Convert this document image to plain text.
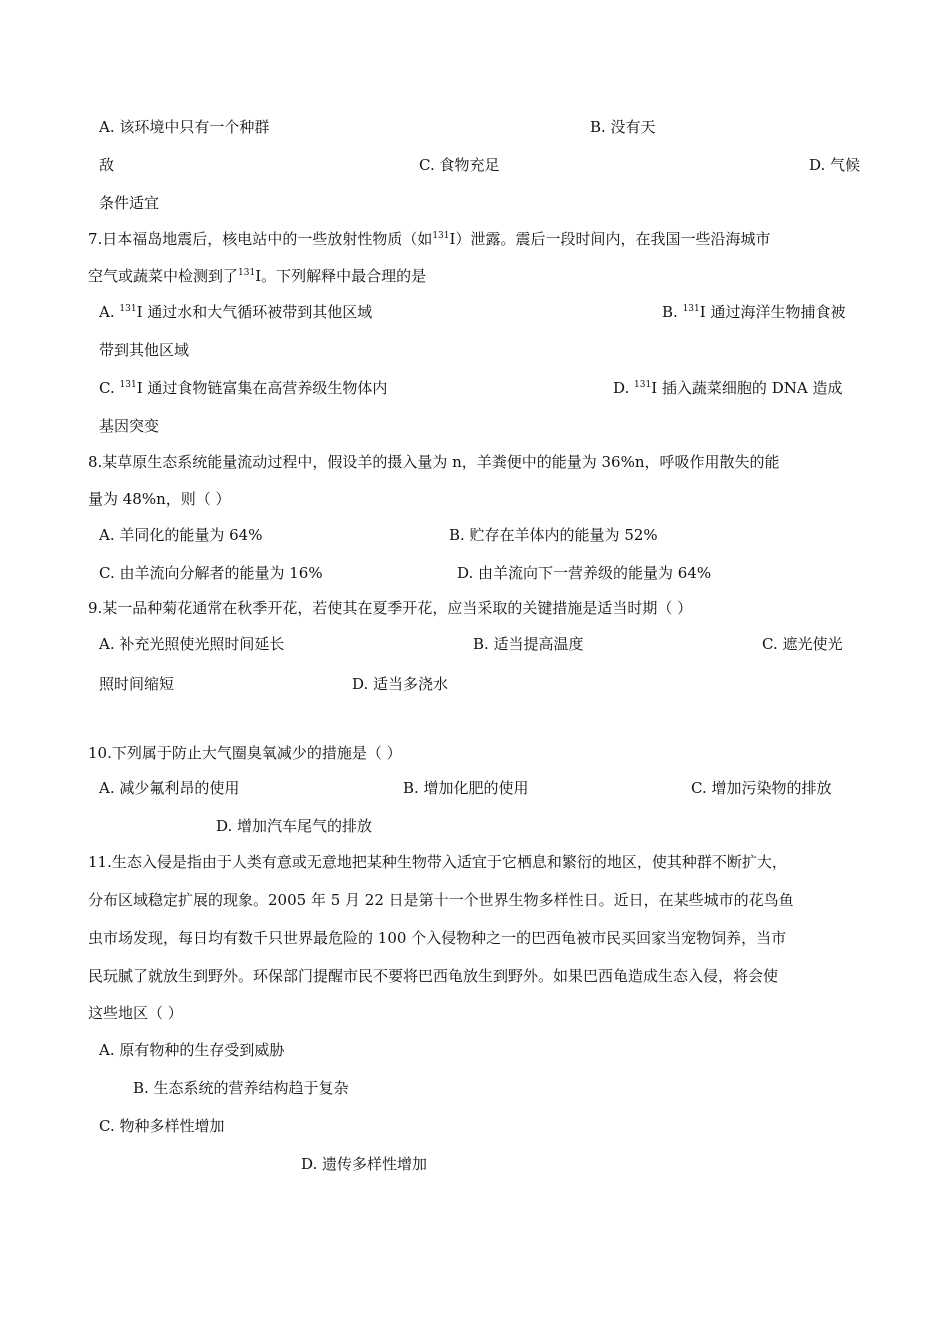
A. 该环境中只有一个种群	B. 没有天
敌	C. 食物充足	D. 气候
条件适宜
7.日本福岛地震后，核电站中的一些放射性物质（如$^{131}$I）泄露。震后一段时间内，在我国一些沿海城市
空气或蔬菜中检测到了$^{131}$I。下列解释中最合理的是
A. $^{131}$I 通过水和大气循环被带到其他区域	B. $^{131}$I 通过海洋生物捕食被
带到其他区域
C. $^{131}$I 通过食物链富集在高营养级生物体内	D. $^{131}$I 插入蔬菜细胞的 DNA 造成
基因突变
8.某草原生态系统能量流动过程中，假设羊的摄入量为 n，羊粪便中的能量为 36%n，呼吸作用散失的能
量为 48%n，则（ ）
A. 羊同化的能量为 64%	B. 贮存在羊体内的能量为 52%
C. 由羊流向分解者的能量为 16%	D. 由羊流向下一营养级的能量为 64%
9.某一品种菊花通常在秋季开花，若使其在夏季开花，应当采取的关键措施是适当时期（ ）
A. 补充光照使光照时间延长	B. 适当提高温度	C. 遮光使光
照时间缩短	D. 适当多浇水
10.下列属于防止大气圈臭氧减少的措施是（ ）
A. 减少氟利昂的使用	B. 增加化肥的使用	C. 增加污染物的排放
D. 增加汽车尾气的排放
11.生态入侵是指由于人类有意或无意地把某种生物带入适宜于它栖息和繁衍的地区，使其种群不断扩大，
分布区域稳定扩展的现象。2005 年 5 月 22 日是第十一个世界生物多样性日。近日，在某些城市的花鸟鱼
虫市场发现，每日均有数千只世界最危险的 100 个入侵物种之一的巴西龟被市民买回家当宠物饲养，当市
民玩腻了就放生到野外。环保部门提醒市民不要将巴西龟放生到野外。如果巴西龟造成生态入侵，将会使
这些地区（ ）
A. 原有物种的生存受到威胁
B. 生态系统的营养结构趋于复杂
C. 物种多样性增加
D. 遗传多样性增加
